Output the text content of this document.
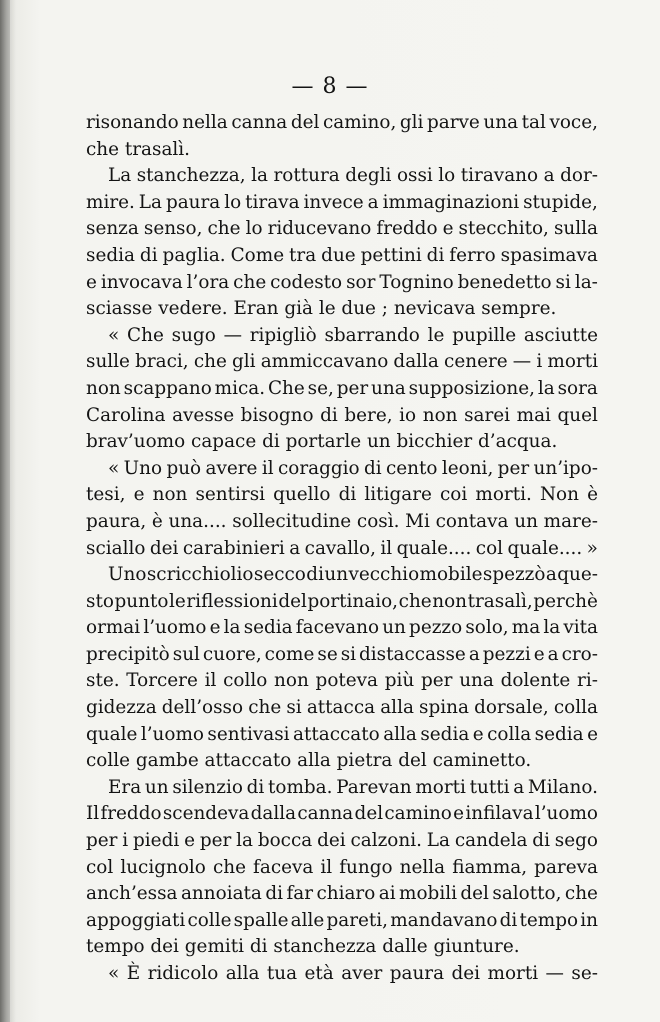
— 8 —
risonando nella canna del camino, gli parve una tal voce,
che trasalì.
La stanchezza, la rottura degli ossi lo tiravano a dor-
mire. La paura lo tirava invece a immaginazioni stupide,
senza senso, che lo riducevano freddo e stecchito, sulla
sedia di paglia. Come tra due pettini di ferro spasimava
e invocava l’ora che codesto sor Tognino benedetto si la-
sciasse vedere. Eran già le due ; nevicava sempre.
« Che sugo — ripigliò sbarrando le pupille asciutte
sulle braci, che gli ammiccavano dalla cenere — i morti
non scappano mica. Che se, per una supposizione, la sora
Carolina avesse bisogno di bere, io non sarei mai quel
brav’uomo capace di portarle un bicchier d’acqua.
« Uno può avere il coraggio di cento leoni, per un’ipo-
tesi, e non sentirsi quello di litigare coi morti. Non è
paura, è una.... sollecitudine così. Mi contava un mare-
sciallo dei carabinieri a cavallo, il quale.... col quale.... »
Uno scricchiolio secco di un vecchio mobile spezzò a que-
sto punto le riflessioni del portinaio, che non trasalì, perchè
ormai l’uomo e la sedia facevano un pezzo solo, ma la vita
precipitò sul cuore, come se si distaccasse a pezzi e a cro-
ste. Torcere il collo non poteva più per una dolente ri-
gidezza dell’osso che si attacca alla spina dorsale, colla
quale l’uomo sentivasi attaccato alla sedia e colla sedia e
colle gambe attaccato alla pietra del caminetto.
Era un silenzio di tomba. Parevan morti tutti a Milano.
Il freddo scendeva dalla canna del camino e infilava l’uomo
per i piedi e per la bocca dei calzoni. La candela di sego
col lucignolo che faceva il fungo nella fiamma, pareva
anch’essa annoiata di far chiaro ai mobili del salotto, che
appoggiati colle spalle alle pareti, mandavano di tempo in
tempo dei gemiti di stanchezza dalle giunture.
« È ridicolo alla tua età aver paura dei morti — se-
